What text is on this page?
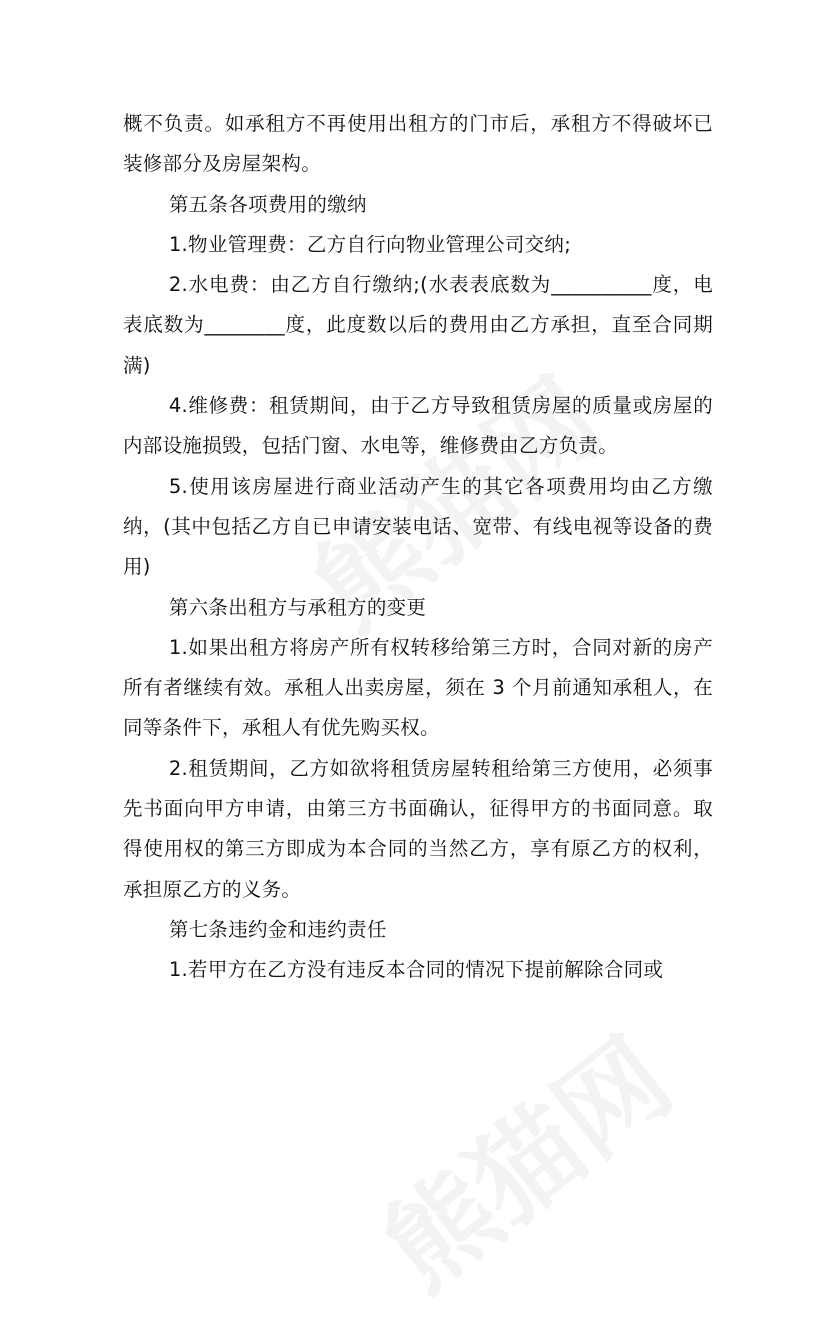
概不负责。如承租方不再使用出租方的门市后，承租方不得破坏已装修部分及房屋架构。

第五条各项费用的缴纳

1.物业管理费：乙方自行向物业管理公司交纳;

2.水电费：由乙方自行缴纳;(水表表底数为__________度，电表底数为________度，此度数以后的费用由乙方承担，直至合同期满)

4.维修费：租赁期间，由于乙方导致租赁房屋的质量或房屋的内部设施损毁，包括门窗、水电等，维修费由乙方负责。

5.使用该房屋进行商业活动产生的其它各项费用均由乙方缴纳，(其中包括乙方自已申请安装电话、宽带、有线电视等设备的费用)

第六条出租方与承租方的变更

1.如果出租方将房产所有权转移给第三方时，合同对新的房产所有者继续有效。承租人出卖房屋，须在 3 个月前通知承租人，在同等条件下，承租人有优先购买权。

2.租赁期间，乙方如欲将租赁房屋转租给第三方使用，必须事先书面向甲方申请，由第三方书面确认，征得甲方的书面同意。取得使用权的第三方即成为本合同的当然乙方，享有原乙方的权利，承担原乙方的义务。

第七条违约金和违约责任

1.若甲方在乙方没有违反本合同的情况下提前解除合同或
